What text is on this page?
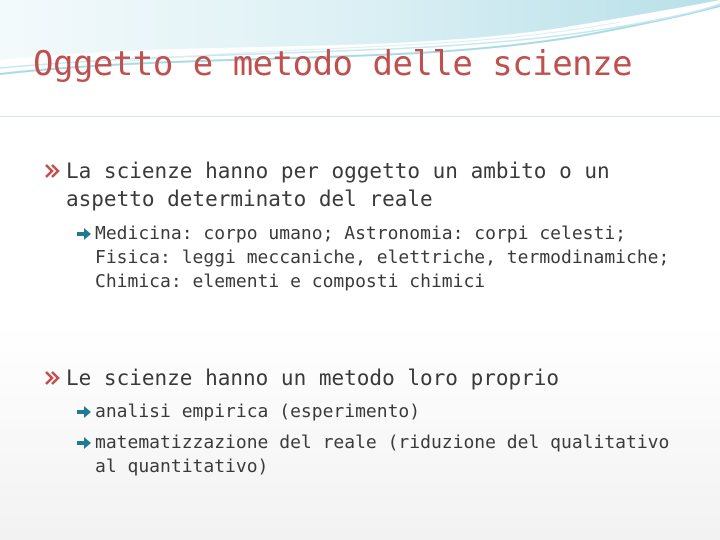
Oggetto e metodo delle scienze
La scienze hanno per oggetto un ambito o un aspetto determinato del reale
Medicina: corpo umano; Astronomia: corpi celesti; Fisica: leggi meccaniche, elettriche, termodinamiche; Chimica: elementi e composti chimici
Le scienze hanno un metodo loro proprio
analisi empirica (esperimento)
matematizzazione del reale (riduzione del qualitativo al quantitativo)
